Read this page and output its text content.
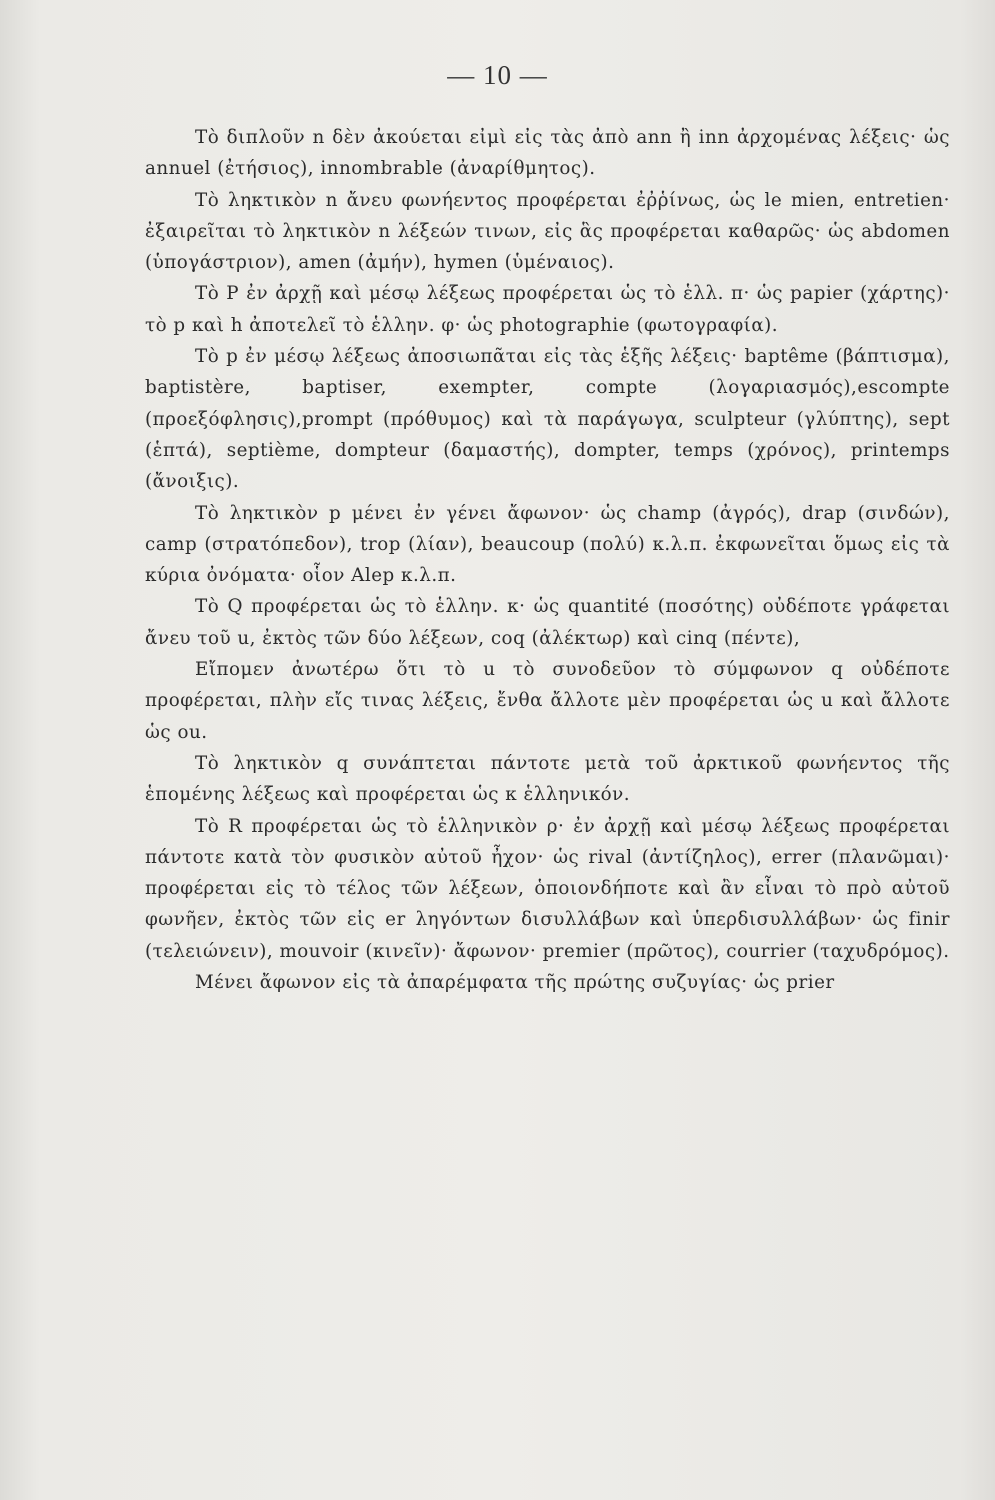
— 10 —

Τὸ διπλοῦν n δὲν ἀκούεται εἰμὶ εἰς τὰς ἀπὸ ann ἢ inn ἀρχομένας λέξεις· ὡς annuel (ἐτήσιος), innombrable (ἀναρίθμητος).

Τὸ ληκτικὸν n ἄνευ φωνήεντος προφέρεται ἐῤῥίνως, ὡς le mien, entretien· ἐξαιρεῖται τὸ ληκτικὸν n λέξεών τινων, εἰς ἃς προφέρεται καθαρῶς· ὡς abdomen (ὑπογάστριον), amen (ἀμήν), hymen (ὑμέναιος).

Τὸ P ἐν ἀρχῇ καὶ μέσῳ λέξεως προφέρεται ὡς τὸ ἑλλ. π· ὡς papier (χάρτης)· τὸ p καὶ h ἀποτελεῖ τὸ ἑλλην. φ· ὡς photographie (φωτογραφία).

Τὸ p ἐν μέσῳ λέξεως ἀποσιωπᾶται εἰς τὰς ἑξῆς λέξεις· baptême (βάπτισμα), baptistère, baptiser, exempter, compte (λογαριασμός),escompte (προεξόφλησις),prompt (πρόθυμος) καὶ τὰ παράγωγα, sculpteur (γλύπτης), sept (ἑπτά), septième, dompteur (δαμαστής), dompter, temps (χρόνος), printemps (ἄνοιξις).

Τὸ ληκτικὸν p μένει ἐν γένει ἄφωνον· ὡς champ (ἀγρός), drap (σινδών), camp (στρατόπεδον), trop (λίαν), beaucoup (πολύ) κ.λ.π. ἐκφωνεῖται ὅμως εἰς τὰ κύρια ὀνόματα· οἷον Alep κ.λ.π.

Τὸ Q προφέρεται ὡς τὸ ἑλλην. κ· ὡς quantité (ποσότης) οὐδέποτε γράφεται ἄνευ τοῦ u, ἐκτὸς τῶν δύο λέξεων, coq (ἀλέκτωρ) καὶ cinq (πέντε),

Εἴπομεν ἀνωτέρω ὅτι τὸ u τὸ συνοδεῦον τὸ σύμφωνον q οὐδέποτε προφέρεται, πλὴν εἴς τινας λέξεις, ἔνθα ἄλλοτε μὲν προφέρεται ὡς u καὶ ἄλλοτε ὡς ou.

Τὸ ληκτικὸν q συνάπτεται πάντοτε μετὰ τοῦ ἀρκτικοῦ φωνήεντος τῆς ἑπομένης λέξεως καὶ προφέρεται ὡς κ ἑλληνικόν.

Τὸ R προφέρεται ὡς τὸ ἑλληνικὸν ρ· ἐν ἀρχῇ καὶ μέσῳ λέξεως προφέρεται πάντοτε κατὰ τὸν φυσικὸν αὐτοῦ ἦχον· ὡς rival (ἀντίζηλος), errer (πλανῶμαι)· προφέρεται εἰς τὸ τέλος τῶν λέξεων, ὁποιονδήποτε καὶ ἂν εἶναι τὸ πρὸ αὐτοῦ φωνῆεν, ἐκτὸς τῶν εἰς er ληγόντων δισυλλάβων καὶ ὑπερδισυλλάβων· ὡς finir (τελειώνειν), mouvoir (κινεῖν)· ἄφωνον· premier (πρῶτος), courrier (ταχυδρόμος).

Μένει ἄφωνον εἰς τὰ ἀπαρέμφατα τῆς πρώτης συζυγίας· ὡς prier
